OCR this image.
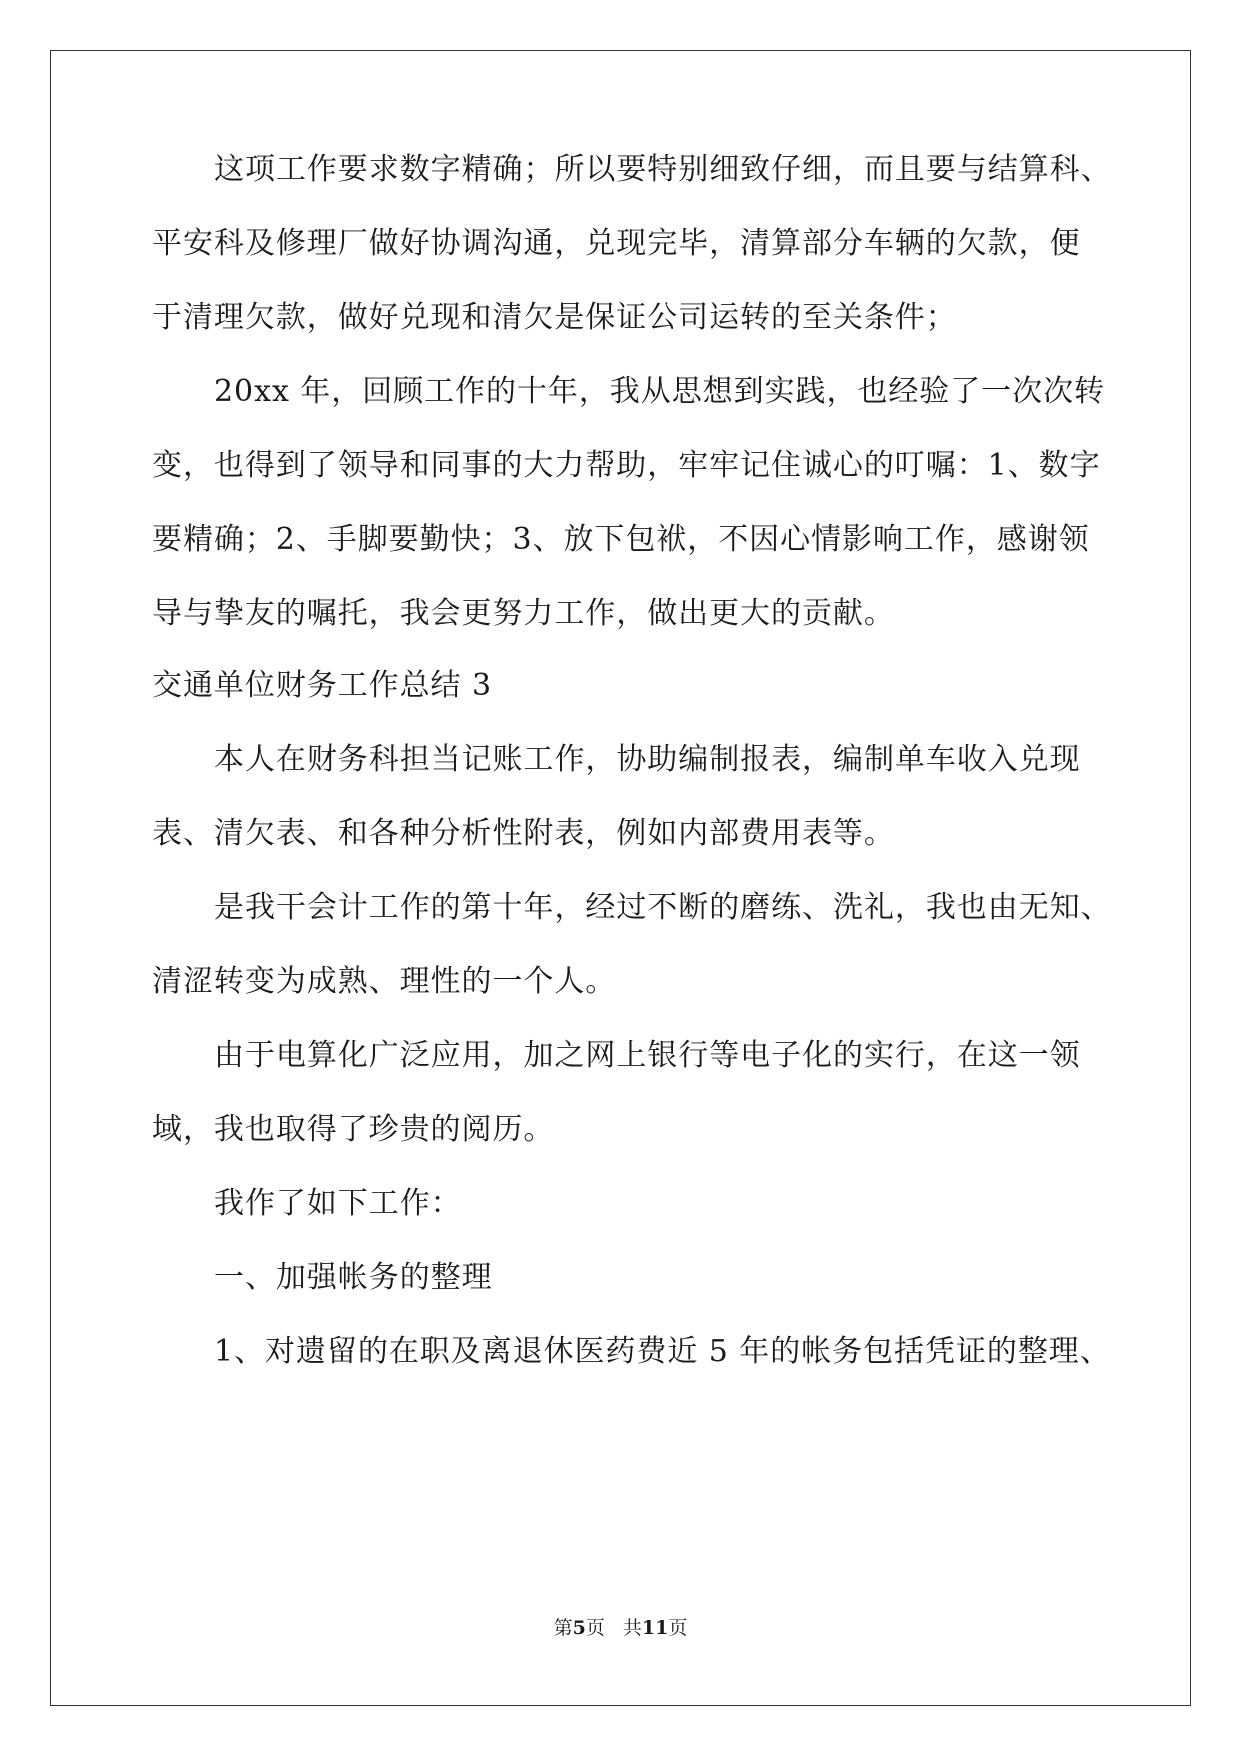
这项工作要求数字精确；所以要特别细致仔细，而且要与结算科、
平安科及修理厂做好协调沟通，兑现完毕，清算部分车辆的欠款，便
于清理欠款，做好兑现和清欠是保证公司运转的至关条件；
20xx 年，回顾工作的十年，我从思想到实践，也经验了一次次转
变，也得到了领导和同事的大力帮助，牢牢记住诚心的叮嘱：1、数字
要精确；2、手脚要勤快；3、放下包袱，不因心情影响工作，感谢领
导与挚友的嘱托，我会更努力工作，做出更大的贡献。
交通单位财务工作总结 3
本人在财务科担当记账工作，协助编制报表，编制单车收入兑现
表、清欠表、和各种分析性附表，例如内部费用表等。
是我干会计工作的第十年，经过不断的磨练、洗礼，我也由无知、
清涩转变为成熟、理性的一个人。
由于电算化广泛应用，加之网上银行等电子化的实行，在这一领
域，我也取得了珍贵的阅历。
我作了如下工作：
一、加强帐务的整理
1、对遗留的在职及离退休医药费近 5 年的帐务包括凭证的整理、
第5页 共11页
